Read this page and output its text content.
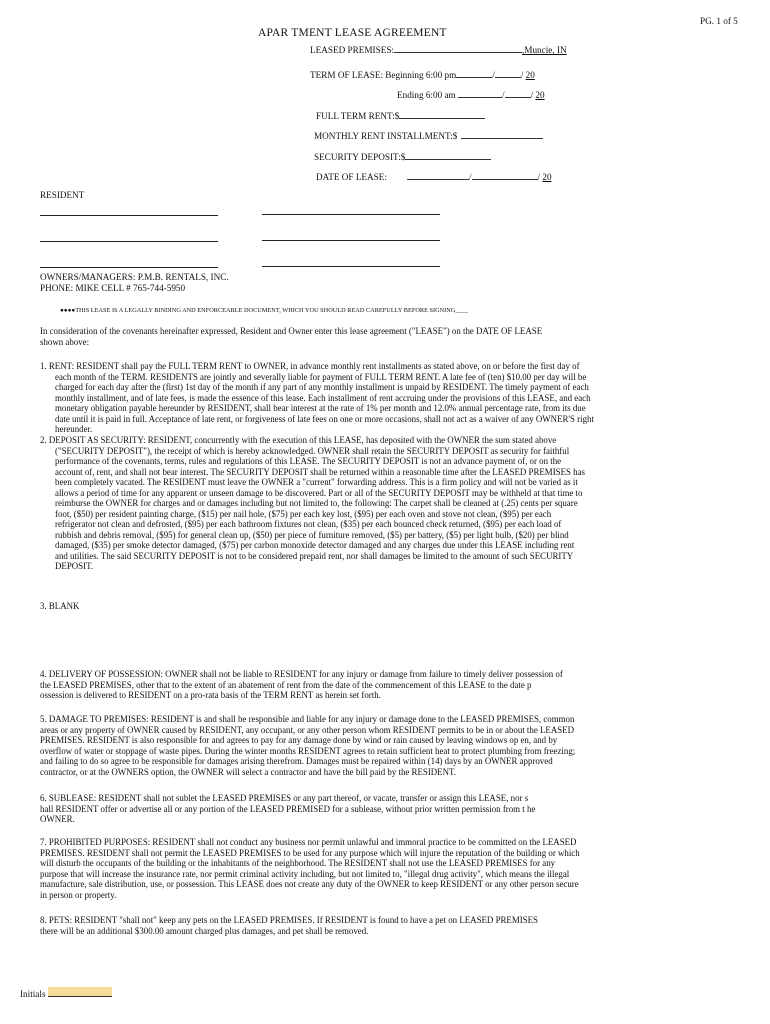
PG. 1 of 5
APAR TMENT LEASE AGREEMENT
LEASED PREMISES:	,Muncie, IN
TERM OF LEASE: Beginning 6:00 pm	/	/ 20
Ending 6:00 am	/	/ 20
FULL TERM RENT:$
MONTHLY RENT INSTALLMENT:$
SECURITY DEPOSIT:$
DATE OF LEASE:	/	/ 20
RESIDENT
OWNERS/MANAGERS: P.M.B. RENTALS, INC.
PHONE: MIKE CELL # 765-744-5950
●●●●THIS LEASE IS A LEGALLY BINDING AND ENFORCEABLE DOCUMENT, WHICH YOU SHOULD READ CAREFULLY BEFORE SIGNING____
In consideration of the covenants hereinafter expressed, Resident and Owner enter this lease agreement ("LEASE") on the DATE OF LEASE
shown above:
1. RENT: RESIDENT shall pay the FULL TERM RENT to OWNER, in advance monthly rent installments as stated above, on or before the first day of
each month of the TERM. RESIDENTS are jointly and severally liable for payment of FULL TERM RENT. A late fee of (ten) $10.00 per day will be
charged for each day after the (first) 1st day of the month if any part of any monthly installment is unpaid by RESIDENT. The timely payment of each
monthly installment, and of late fees, is made the essence of this lease. Each installment of rent accruing under the provisions of this LEASE, and each
monetary obligation payable hereunder by RESIDENT, shall bear interest at the rate of 1% per month and 12.0% annual percentage rate, from its due
date until it is paid in full. Acceptance of late rent, or forgiveness of late fees on one or more occasions, shall not act as a waiver of any OWNER'S right
hereunder.
2. DEPOSIT AS SECURITY: RESIDENT, concurrently with the execution of this LEASE, has deposited with the OWNER the sum stated above
("SECURITY DEPOSIT"), the receipt of which is hereby acknowledged. OWNER shall retain the SECURITY DEPOSIT as security for faithful
performance of the covenants, terms, rules and regulations of this LEASE. The SECURITY DEPOSIT is not an advance payment of, or on the
account of, rent, and shall not bear interest. The SECURITY DEPOSIT shall be returned within a reasonable time after the LEASED PREMISES has
been completely vacated. The RESIDENT must leave the OWNER a "current" forwarding address. This is a firm policy and will not be varied as it
allows a period of time for any apparent or unseen damage to be discovered. Part or all of the SECURITY DEPOSIT may be withheld at that time to
reimburse the OWNER for charges and or damages including but not limited to, the following: The carpet shall be cleaned at (.25) cents per square
foot, ($50) per resident painting charge, ($15) per nail hole, ($75) per each key lost, ($95) per each oven and stove not clean, ($95) per each
refrigerator not clean and defrosted, ($95) per each bathroom fixtures not clean, ($35) per each bounced check returned, ($95) per each load of
rubbish and debris removal, ($95) for general clean up, ($50) per piece of furniture removed, ($5) per battery, ($5) per light bulb, ($20) per blind
damaged, ($35) per smoke detector damaged, ($75) per carbon monoxide detector damaged and any charges due under this LEASE including rent
and utilities. The said SECURITY DEPOSIT is not to be considered prepaid rent, nor shall damages be limited to the amount of such SECURITY
DEPOSIT.
3. BLANK
4. DELIVERY OF POSSESSION: OWNER shall not be liable to RESIDENT for any injury or damage from failure to timely deliver possession of
the LEASED PREMISES, other that to the extent of an abatement of rent from the date of the commencement of this LEASE to the date p
ossession is delivered to RESIDENT on a pro-rata basis of the TERM RENT as herein set forth.
5. DAMAGE TO PREMISES: RESIDENT is and shall be responsible and liable for any injury or damage done to the LEASED PREMISES, common
areas or any property of OWNER caused by RESIDENT, any occupant, or any other person whom RESIDENT permits to be in or about the LEASED
PREMISES. RESIDENT is also responsible for and agrees to pay for any damage done by wind or rain caused by leaving windows op en, and by
overflow of water or stoppage of waste pipes. During the winter months RESIDENT agrees to retain sufficient heat to protect plumbing from freezing;
and failing to do so agree to be responsible for damages arising therefrom. Damages must be repaired within (14) days by an OWNER approved
contractor, or at the OWNERS option, the OWNER will select a contractor and have the bill paid by the RESIDENT.
6. SUBLEASE: RESIDENT shall not sublet the LEASED PREMISES or any part thereof, or vacate, transfer or assign this LEASE, nor s
hall RESIDENT offer or advertise all or any portion of the LEASED PREMISED for a sublease, without prior written permission from t he
OWNER.
7. PROHIBITED PURPOSES: RESIDENT shall not conduct any business nor permit unlawful and immoral practice to be committed on the LEASED
PREMISES. RESIDENT shall not permit the LEASED PREMISES to be used for any purpose which will injure the reputation of the building or which
will disturb the occupants of the building or the inhabitants of the neighborhood. The RESIDENT shall not use the LEASED PREMISES for any
purpose that will increase the insurance rate, nor permit criminal activity including, but not limited to, "illegal drug activity", which means the illegal
manufacture, sale distribution, use, or possession. This LEASE does not create any duty of the OWNER to keep RESIDENT or any other person secure
in person or property.
8. PETS: RESIDENT "shall not" keep any pets on the LEASED PREMISES. If RESIDENT is found to have a pet on LEASED PREMISES
there will be an additional $300.00 amount charged plus damages, and pet shall be removed.
Initials
